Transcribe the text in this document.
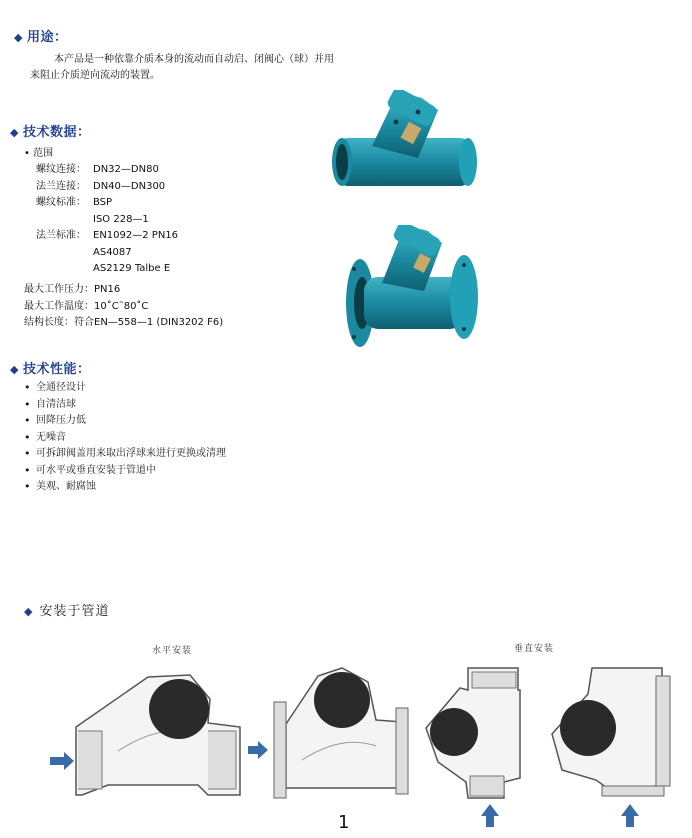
◆ 用途：
本产品是一种依靠介质本身的流动而自动启、闭阀心（球）并用
来阻止介质逆向流动的装置。
◆ 技术数据：
• 范围
螺纹连接： DN32—DN80
法兰连接： DN40—DN300
螺纹标准： BSP
ISO 228—1
法兰标准： EN1092—2 PN16
AS4087
AS2129 Talbe E
最大工作压力：PN16
最大工作温度：10˚C˜80˚C
结构长度：符合EN—558—1 (DIN3202 F6)
◆ 技术性能：
• 全通径设计
• 自清洁球
• 回降压力低
• 无噪音
• 可拆卸阀盖用来取出浮球来进行更换或清理
• 可水平或垂直安装于管道中
• 美观、耐腐蚀
◆ 安装于管道
水平安装	垂直安装
1
